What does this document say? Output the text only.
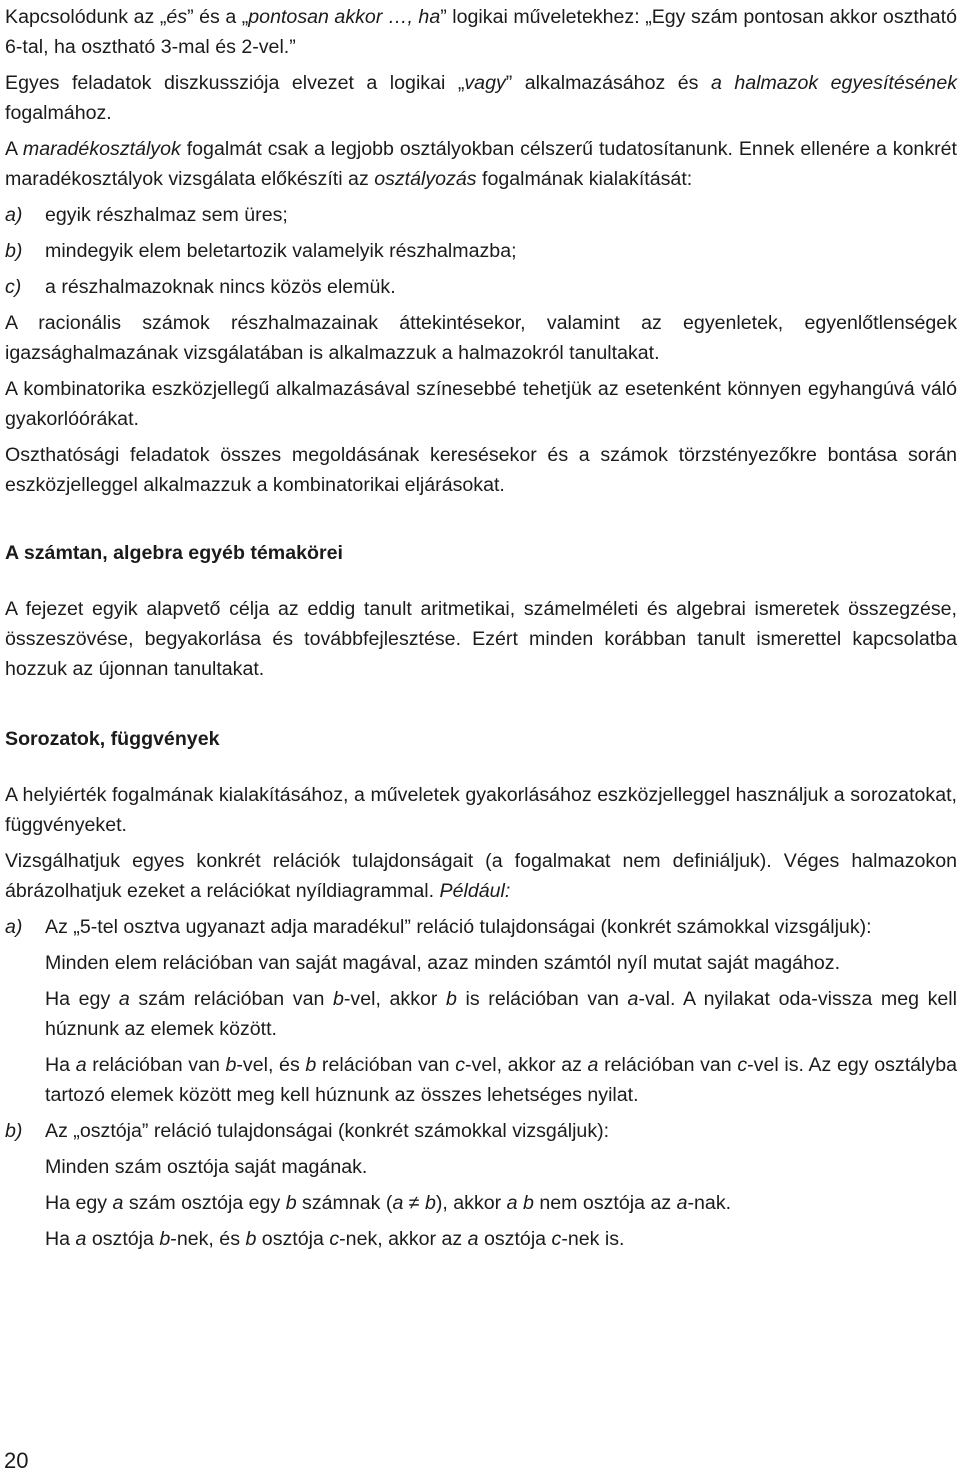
Kapcsolódunk az „és” és a „pontosan akkor …, ha” logikai műveletekhez: „Egy szám pontosan akkor osztható 6-tal, ha osztható 3-mal és 2-vel.”

Egyes feladatok diszkussziója elvezet a logikai „vagy” alkalmazásához és a halmazok egyesítésének fogalmához.

A maradékosztályok fogalmát csak a legjobb osztályokban célszerű tudatosítanunk. Ennek ellenére a konkrét maradékosztályok vizsgálata előkészíti az osztályozás fogalmának kialakítását:

a) egyik részhalmaz sem üres;
b) mindegyik elem beletartozik valamelyik részhalmazba;
c) a részhalmazoknak nincs közös elemük.

A racionális számok részhalmazainak áttekintésekor, valamint az egyenletek, egyenlőtlenségek igazsághalmazának vizsgálatában is alkalmazzuk a halmazokról tanultakat.

A kombinatorika eszközjellegű alkalmazásával színesebbé tehetjük az esetenként könnyen egyhangúvá váló gyakorlóórákat.

Oszthatósági feladatok összes megoldásának keresésekor és a számok törzstényezőkre bontása során eszközjelleggel alkalmazzuk a kombinatorikai eljárásokat.

A számtan, algebra egyéb témakörei

A fejezet egyik alapvető célja az eddig tanult aritmetikai, számelméleti és algebrai ismeretek összegzése, összeszövése, begyakorlása és továbbfejlesztése. Ezért minden korábban tanult ismerettel kapcsolatba hozzuk az újonnan tanultakat.

Sorozatok, függvények

A helyiérték fogalmának kialakításához, a műveletek gyakorlásához eszközjelleggel használjuk a sorozatokat, függvényeket.

Vizsgálhatjuk egyes konkrét relációk tulajdonságait (a fogalmakat nem definiáljuk). Véges halmazokon ábrázolhatjuk ezeket a relációkat nyíldiagrammal. Például:

a) Az „5-tel osztva ugyanazt adja maradékul” reláció tulajdonságai (konkrét számokkal vizsgáljuk):
Minden elem relációban van saját magával, azaz minden számtól nyíl mutat saját magához.
Ha egy a szám relációban van b-vel, akkor b is relációban van a-val. A nyilakat oda-vissza meg kell húznunk az elemek között.
Ha a relációban van b-vel, és b relációban van c-vel, akkor az a relációban van c-vel is. Az egy osztályba tartozó elemek között meg kell húznunk az összes lehetséges nyilat.
b) Az „osztója” reláció tulajdonságai (konkrét számokkal vizsgáljuk):
Minden szám osztója saját magának.
Ha egy a szám osztója egy b számnak (a ≠ b), akkor a b nem osztója az a-nak.
Ha a osztója b-nek, és b osztója c-nek, akkor az a osztója c-nek is.
20
